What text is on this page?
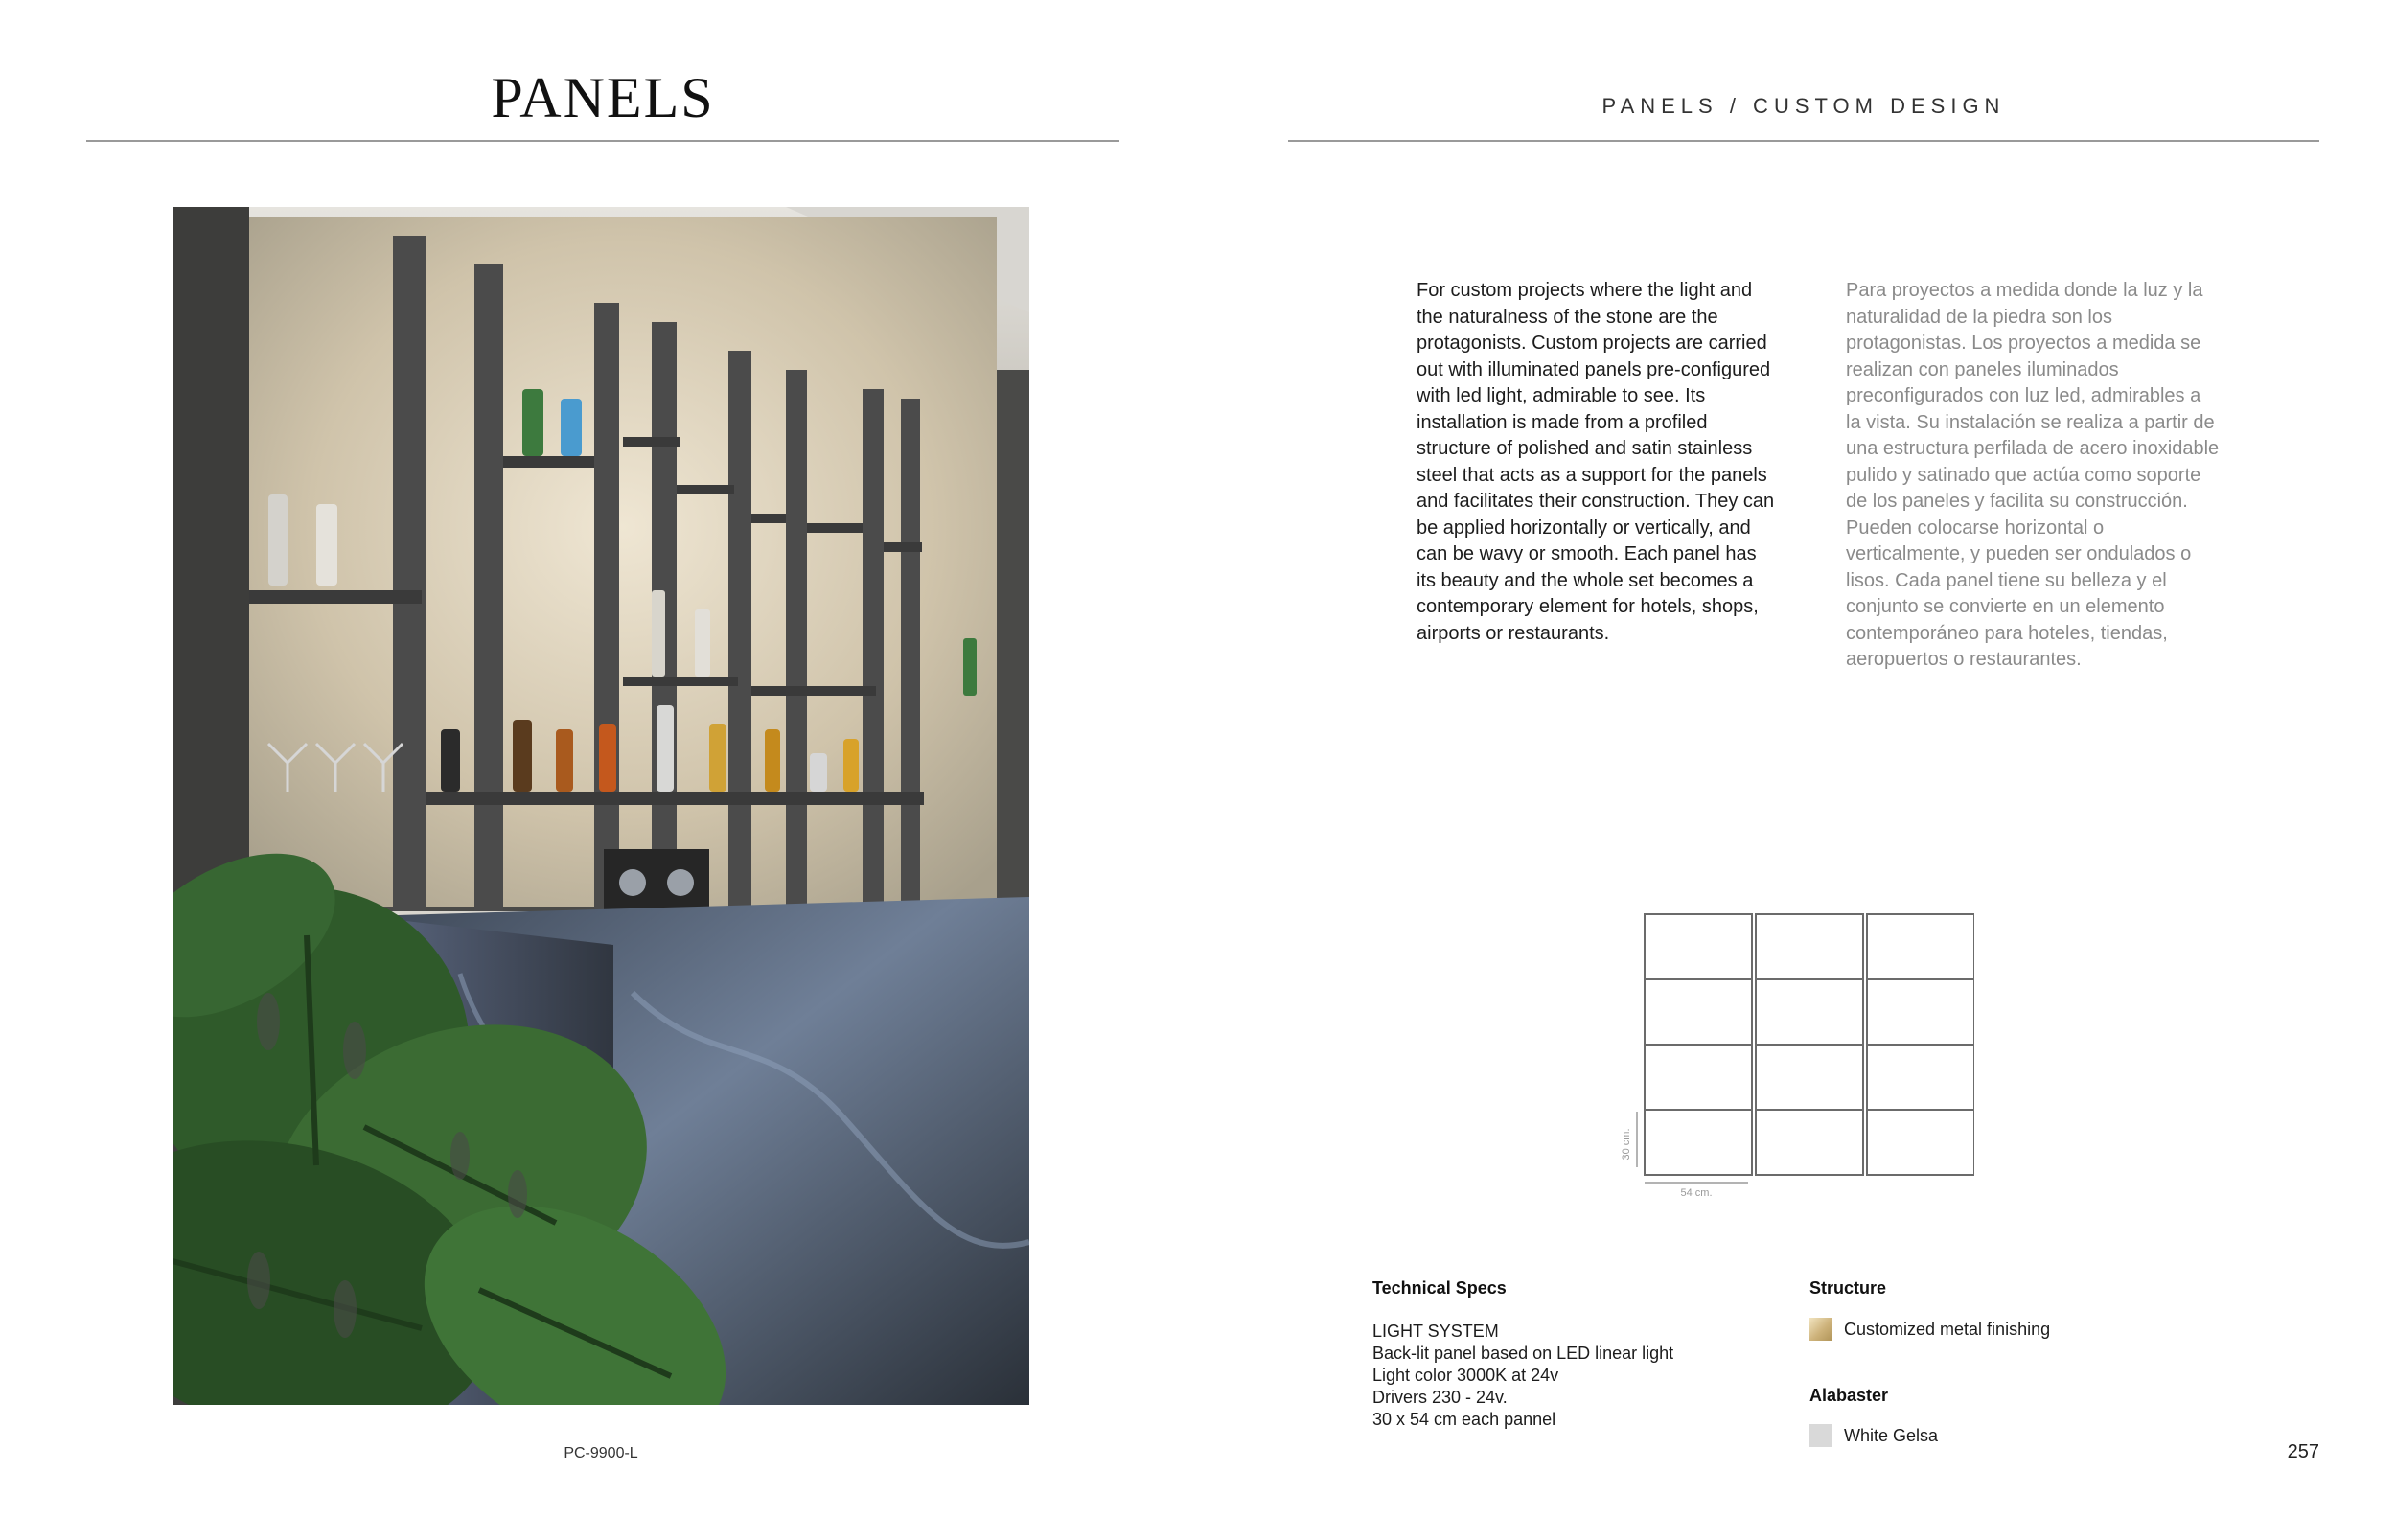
PANELS
PC-9900-L
PANELS / CUSTOM DESIGN
For custom projects where the light and the naturalness of the stone are the protagonists. Custom projects are carried out with illuminated panels pre-configured with led light, admirable to see. Its installation is made from a profiled structure of polished and satin stainless steel that acts as a support for the panels and facilitates their construction. They can be applied horizontally or vertically, and can be wavy or smooth. Each panel has its beauty and the whole set becomes a contemporary element for hotels, shops, airports or restaurants.
Para proyectos a medida donde la luz y la naturalidad de la piedra son los protagonistas. Los proyectos a medida se realizan con paneles iluminados preconfigurados con luz led, admirables a la vista. Su instalación se realiza a partir de una estructura perfilada de acero inoxidable pulido y satinado que actúa como soporte de los paneles y facilita su construcción. Pueden colocarse horizontal o verticalmente, y pueden ser ondulados o lisos. Cada panel tiene su belleza y el conjunto se convierte en un elemento contemporáneo para hoteles, tiendas, aeropuertos o restaurantes.
30 cm.
54 cm.
Technical Specs
LIGHT SYSTEM
Back-lit panel based on LED linear light
Light color 3000K at 24v
Drivers 230 - 24v.
30 x 54 cm each pannel
Structure
Customized metal finishing
Alabaster
White Gelsa
257
